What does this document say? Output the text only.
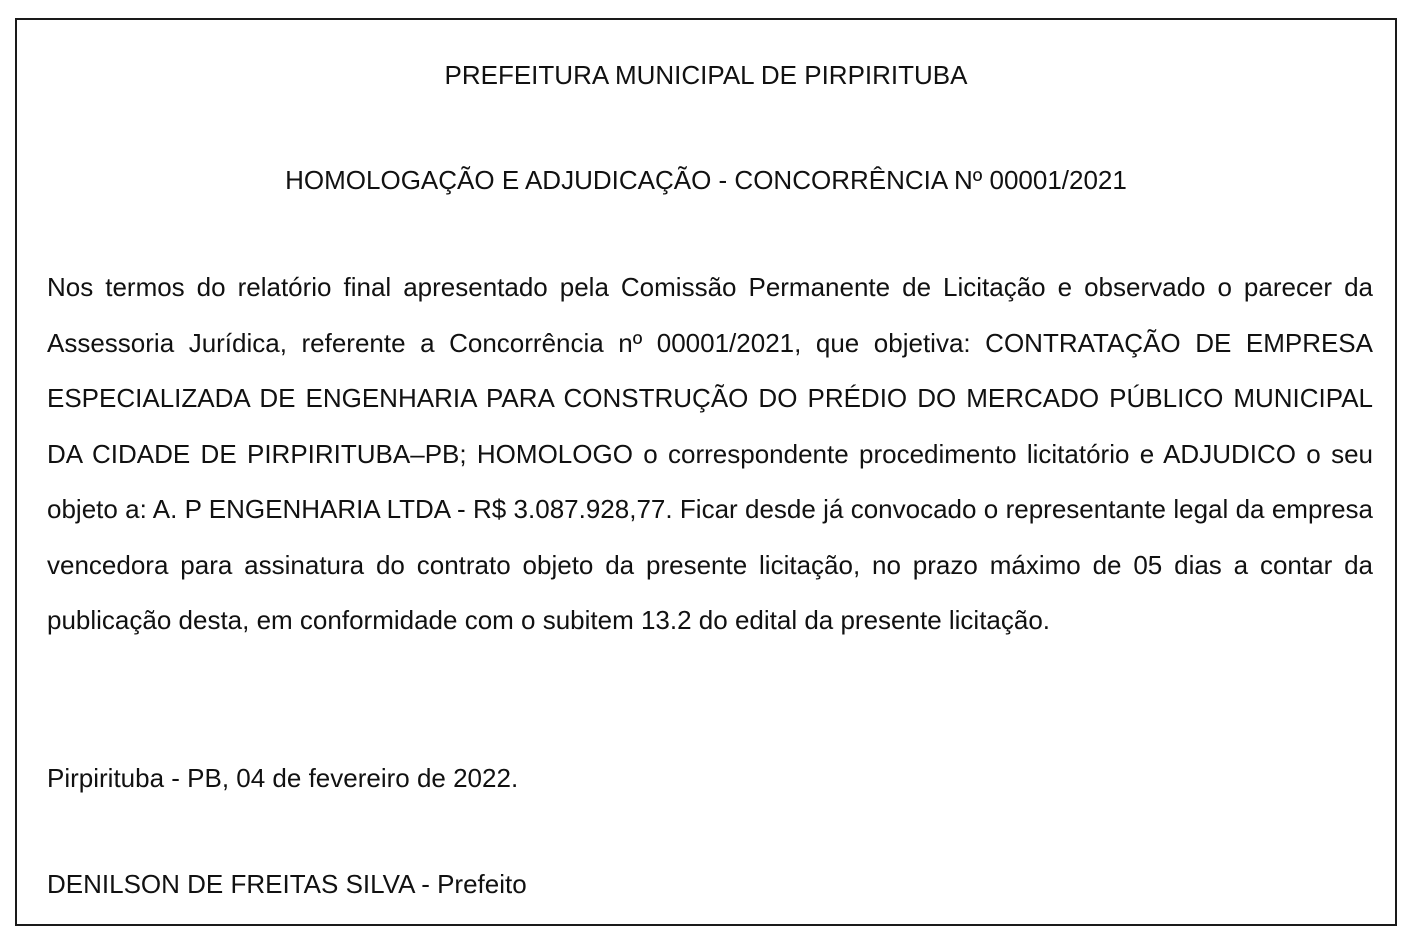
PREFEITURA MUNICIPAL DE PIRPIRITUBA
HOMOLOGAÇÃO E ADJUDICAÇÃO - CONCORRÊNCIA Nº 00001/2021

Nos termos do relatório final apresentado pela Comissão Permanente de Licitação e observado o parecer da Assessoria Jurídica, referente a Concorrência nº 00001/2021, que objetiva: CONTRATAÇÃO DE EMPRESA ESPECIALIZADA DE ENGENHARIA PARA CONSTRUÇÃO DO PRÉDIO DO MERCADO PÚBLICO MUNICIPAL DA CIDADE DE PIRPIRITUBA–PB; HOMOLOGO o correspondente procedimento licitatório e ADJUDICO o seu objeto a: A. P ENGENHARIA LTDA - R$ 3.087.928,77. Ficar desde já convocado o representante legal da empresa vencedora para assinatura do contrato objeto da presente licitação, no prazo máximo de 05 dias a contar da publicação desta, em conformidade com o subitem 13.2 do edital da presente licitação.

Pirpirituba - PB, 04 de fevereiro de 2022.

DENILSON DE FREITAS SILVA - Prefeito
